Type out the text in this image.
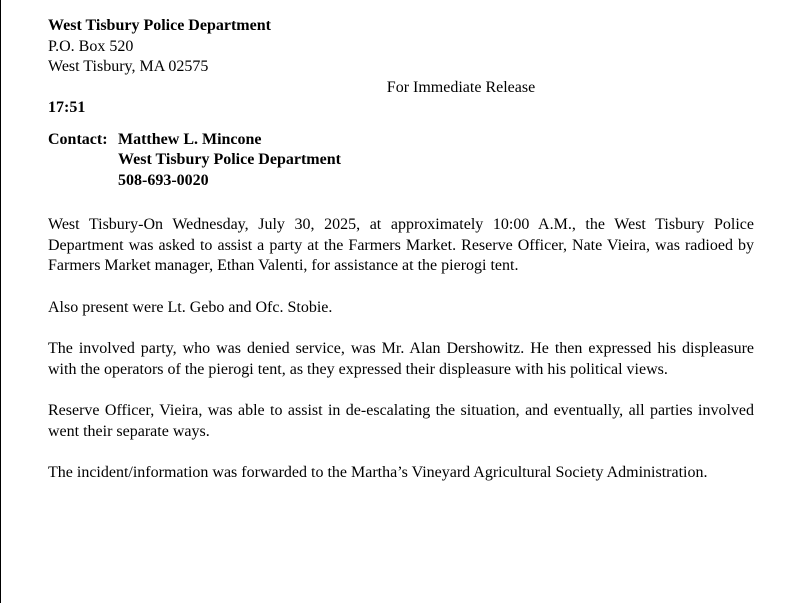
West Tisbury Police Department
P.O. Box 520
West Tisbury, MA 02575
For Immediate Release
17:51
Contact: Matthew L. Mincone
West Tisbury Police Department
508-693-0020

West Tisbury-On Wednesday, July 30, 2025, at approximately 10:00 A.M., the West Tisbury Police Department was asked to assist a party at the Farmers Market. Reserve Officer, Nate Vieira, was radioed by Farmers Market manager, Ethan Valenti, for assistance at the pierogi tent.

Also present were Lt. Gebo and Ofc. Stobie.

The involved party, who was denied service, was Mr. Alan Dershowitz. He then expressed his displeasure with the operators of the pierogi tent, as they expressed their displeasure with his political views.

Reserve Officer, Vieira, was able to assist in de-escalating the situation, and eventually, all parties involved went their separate ways.

The incident/information was forwarded to the Martha’s Vineyard Agricultural Society Administration.
